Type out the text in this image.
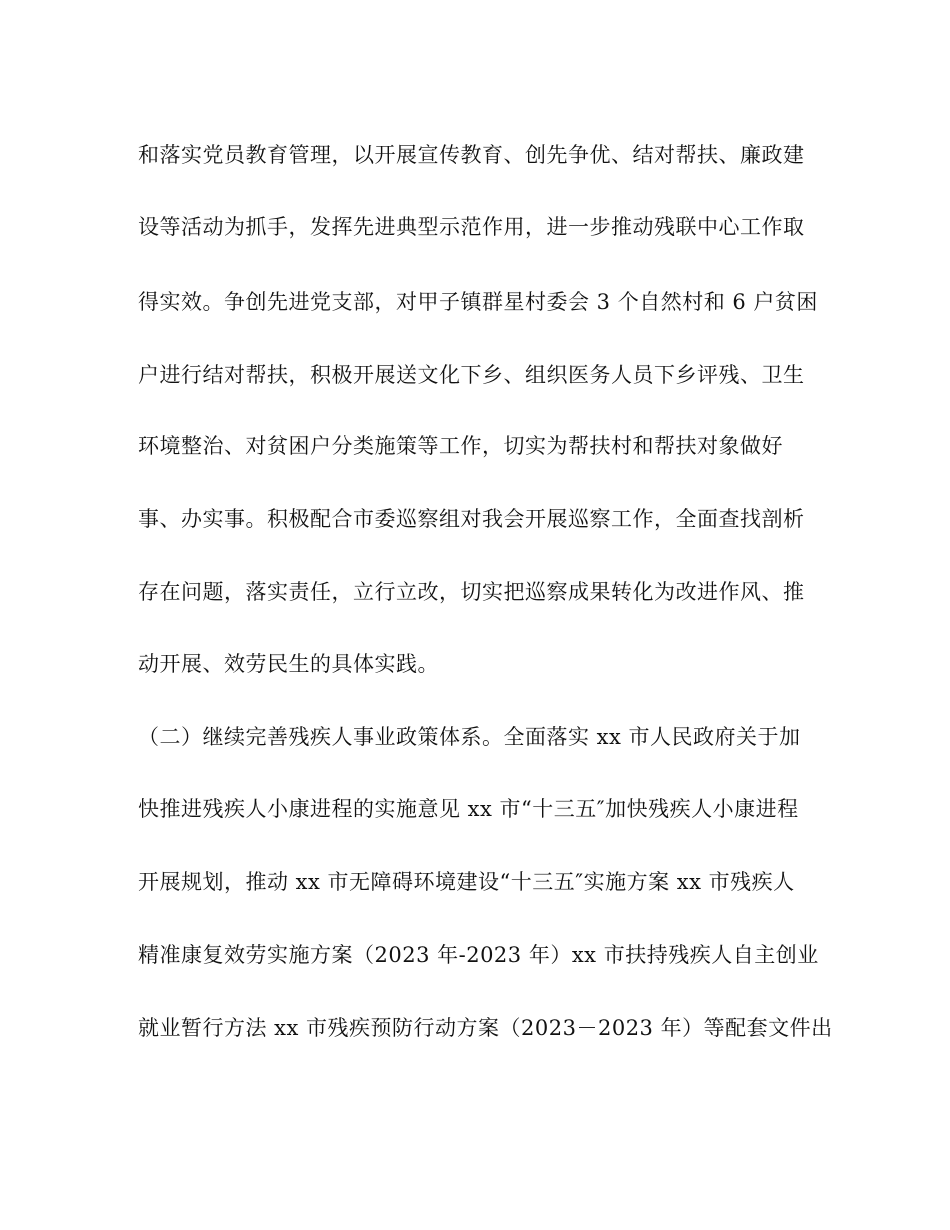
和落实党员教育管理，以开展宣传教育、创先争优、结对帮扶、廉政建
设等活动为抓手，发挥先进典型示范作用，进一步推动残联中心工作取
得实效。争创先进党支部，对甲子镇群星村委会 3 个自然村和 6 户贫困
户进行结对帮扶，积极开展送文化下乡、组织医务人员下乡评残、卫生
环境整治、对贫困户分类施策等工作，切实为帮扶村和帮扶对象做好
事、办实事。积极配合市委巡察组对我会开展巡察工作，全面查找剖析
存在问题，落实责任，立行立改，切实把巡察成果转化为改进作风、推
动开展、效劳民生的具体实践。
（二）继续完善残疾人事业政策体系。全面落实 xx 市人民政府关于加
快推进残疾人小康进程的实施意见 xx 市“十三五″加快残疾人小康进程
开展规划，推动 xx 市无障碍环境建设“十三五″实施方案 xx 市残疾人
精准康复效劳实施方案（2023 年-2023 年）xx 市扶持残疾人自主创业
就业暂行方法 xx 市残疾预防行动方案（2023－2023 年）等配套文件出
